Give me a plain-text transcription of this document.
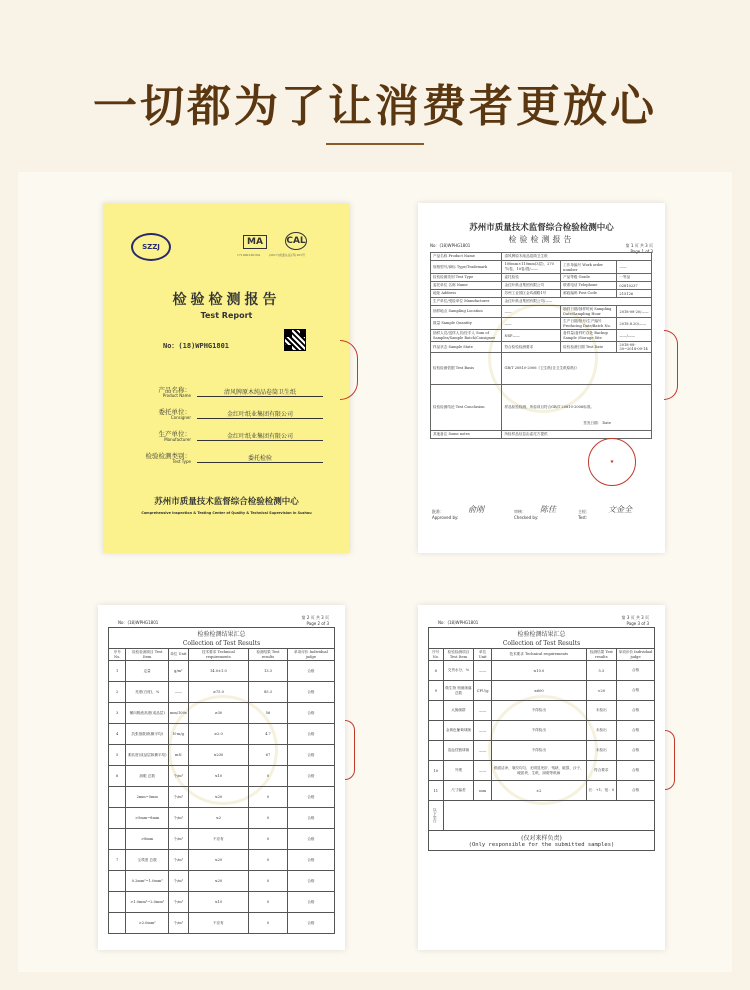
一切都为了让消费者更放心
SZZJ	MA
171000130184
CAL
(2017)质监认证(苏)161号
检验检测报告
Test Report
No：(18)WPHG1801
产品名称：
Product Name	清风牌原木纯品卷筒卫生纸
委托单位：
Consigner	金红叶纸业集团有限公司
生产单位：
Manufacturer	金红叶纸业集团有限公司
检验检测类别：
Test Type	委托检验
苏州市质量技术监督综合检验检测中心
Comprehensive Inspection & Testing Center of Quality & Technical Supervision in Suzhou
苏州市质量技术监督综合检验检测中心
检验检测报告
No：(18)WPHG1801	第 1 页 共 3 页
Page 1 of 3
产品名称 Product Name	清风牌原木纯品卷筒卫生纸		
规格型号/商标 Type/Trademark	100mm×110mm(3层)，270节/卷，10卷/提/——	工作单编号 Work order number	——
检验检测类别 Test Type	委托检验	产品等级 Grade	一等品
委托单位 名称 Name	金红叶纸业集团有限公司	联系电话 Telephone	02810237
地址 Address	苏州工业园区金鸡湖路1号	邮政编码 Post Code	215126
生产单位/受检单位 Manufacturer	金红叶纸业集团有限公司/——		
抽样地点 Sampling Location	——	抽样日期/抽样时间 Sampling Date/Sampling Hour	2018-08-20/——
数量 Sample Quantity	——	生产日期/批号/生产编号 Producing Date/Batch No.	2018.8.20/——
抽样人员/送样人员/经手人 Sum of Samples/Sample Batch/Consignee	NSP——	备样量/备样贮存处 Backup Sample /Storage Site	——/——
样品状态 Sample State	符合检验检测要求	检验检测日期 Test Date	2018-08-30~2018-09-14
检验检测依据 Test Basis	GB/T 20810-2006《卫生纸(含卫生纸原纸)》		
检验检测结论 Test Conclusion	样品检验检测，所检项目符合GB/T 20810-2006标准。
签发日期： Date		

其他备注 Some notes	所检样品信息由委托方提供		
★
批准：
Approved by:
俞刚	审核：
Checked by:
陈佳	主检：
Test:
文金全
第 2 页 共 3 页
Page 2 of 3
No：(18)WPHG1801
检验检测结果汇总					
Collection of Test Results					
序号 No.	检验检测项目 Test Item	单位 Unit	技术要求 Technical requirements	检测结果 Test results	单项评价 Individual judge
1	定量	g/m²	14.0±1.0	13.3	合格
2	亮度(白度)，%	——	≥75.0	85.3	合格
3	横向吸液高度(成品层)	mm/100s	≥30	56	合格
4	抗张指数(纵横平均)	N·m/g	≥2.0	4.7	合格
5	柔软度(成品层纵横平均)	mN	≤230	67	合格
6	洞眼 总数	个/m²	≤10	0	合格
	2mm~5mm	个/m²	≤20	0	合格
	>5mm~8mm	个/m²	≤2	0	合格
	>8mm	个/m²	不应有	0	合格
7	尘埃度 总数	个/m²	≤20	0	合格
	0.2mm²~1.0mm²	个/m²	≤20	0	合格
	>1.0mm²~2.0mm²	个/m²	≤10	0	合格
	>2.0mm²	个/m²	不应有	0	合格
第 3 页 共 3 页
Page 3 of 3
No：(18)WPHG1801
检验检测结果汇总					
Collection of Test Results					
序号 No.	检验检测项目 Test Item	单位 Unit	技术要求 Technical requirements	检测结果 Test results	单项评价 Individual judge
8	交货水分，%	——	≤10.0	5.3	合格
9	微生物 细菌菌落总数	CFU/g	≤600	<20	合格
	大肠菌群	——	不得检出	未检出	合格
	金黄色葡萄球菌	——	不得检出	未检出	合格
	溶血性链球菌	——	不得检出	未检出	合格
10	外观	——	纸面洁净，皱纹均匀，无明显死折、残缺、破损、沙子、硬质块、生纸、绿斑等纸病	符合要求	合格
11	尺寸偏差	mm	±2	长：+1；宽：0	合格
以下空白					

(仅对来样负责)
(Only responsible for the submitted samples)					
